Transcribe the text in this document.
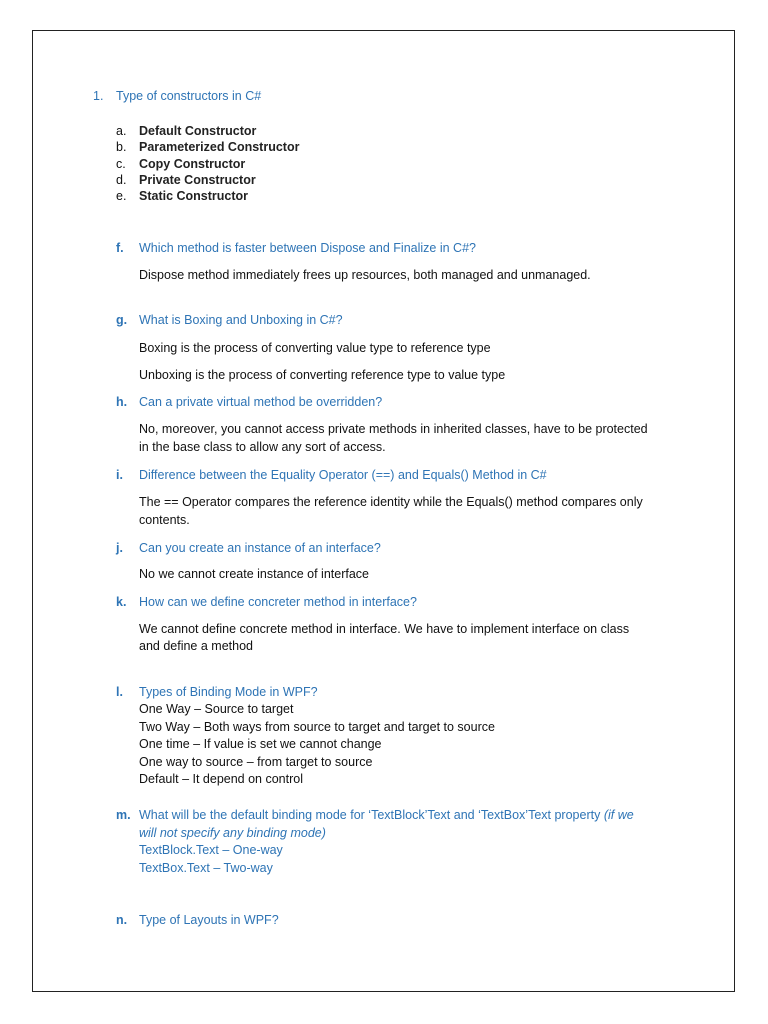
1. Type of constructors in C#
a. Default Constructor
b. Parameterized Constructor
c. Copy Constructor
d. Private Constructor
e. Static Constructor
f. Which method is faster between Dispose and Finalize in C#?
Dispose method immediately frees up resources, both managed and unmanaged.
g. What is Boxing and Unboxing in C#?
Boxing is the process of converting value type to reference type
Unboxing is the process of converting reference type to value type
h. Can a private virtual method be overridden?
No, moreover, you cannot access private methods in inherited classes, have to be protected
in the base class to allow any sort of access.
i. Difference between the Equality Operator (==) and Equals() Method in C#
The == Operator compares the reference identity while the Equals() method compares only
contents.
j. Can you create an instance of an interface?
No we cannot create instance of interface
k. How can we define concreter method in interface?
We cannot define concrete method in interface. We have to implement interface on class
and define a method
l. Types of Binding Mode in WPF?
One Way – Source to target
Two Way – Both ways from source to target and target to source
One time – If value is set we cannot change
One way to source – from target to source
Default – It depend on control
m. What will be the default binding mode for ‘TextBlock’Text and ‘TextBox’Text property (if we
will not specify any binding mode)
TextBlock.Text – One-way
TextBox.Text – Two-way
n. Type of Layouts in WPF?
